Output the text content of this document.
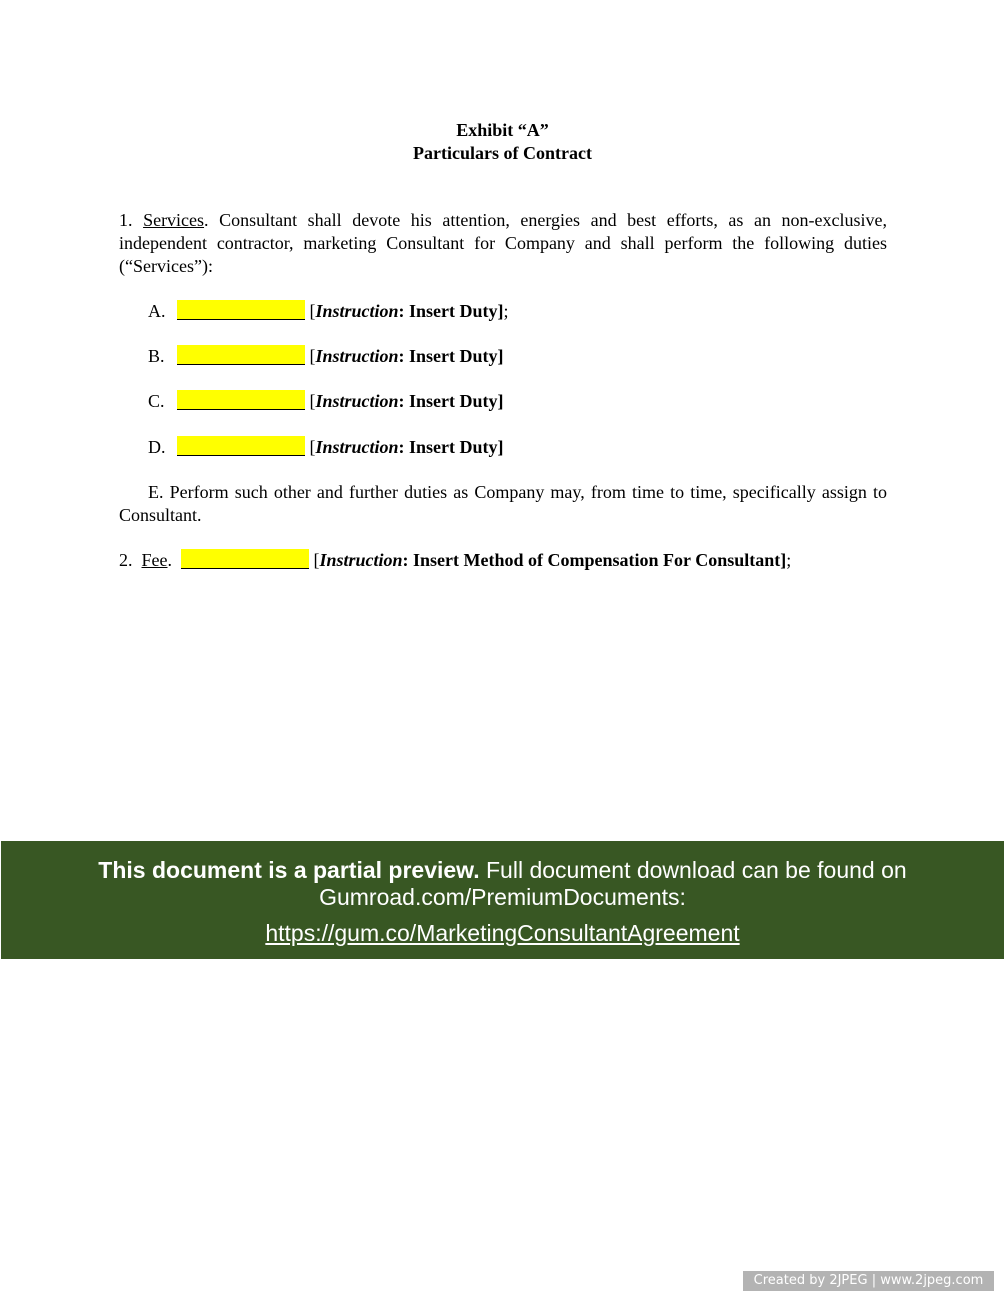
Exhibit “A”
Particulars of Contract
1. Services. Consultant shall devote his attention, energies and best efforts, as an non-exclusive, independent contractor, marketing Consultant for Company and shall perform the following duties (“Services”):
A.	[Instruction: Insert Duty];
B.	[Instruction: Insert Duty]
C.	[Instruction: Insert Duty]
D.	[Instruction: Insert Duty]
E. Perform such other and further duties as Company may, from time to time, specifically assign to Consultant.
2. Fee.	[Instruction: Insert Method of Compensation For Consultant];
This document is a partial preview. Full document download can be found on Gumroad.com/PremiumDocuments:
https://gum.co/MarketingConsultantAgreement
Created by 2JPEG | www.2jpeg.com
